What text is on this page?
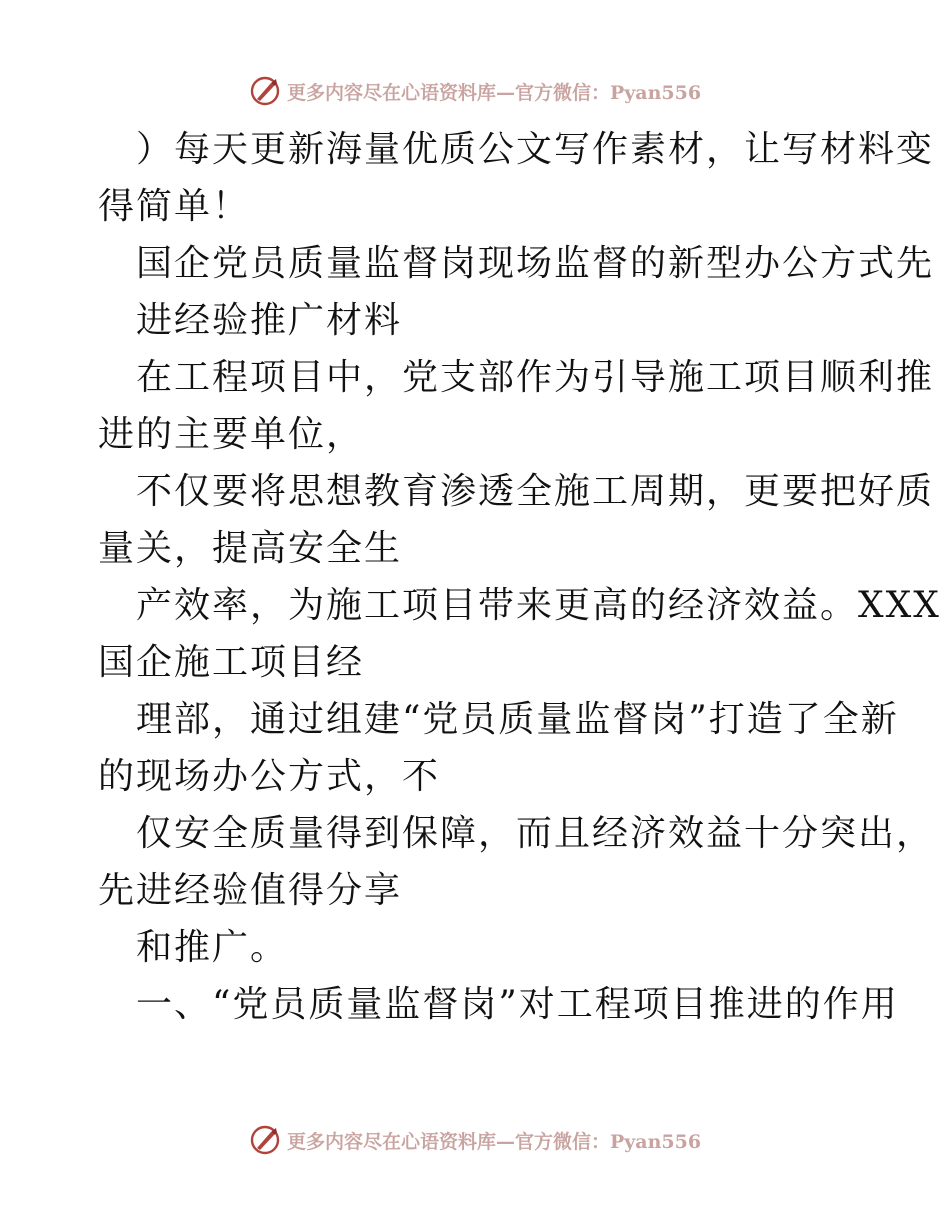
更多内容尽在心语资料库—官方微信：Pyan556
）每天更新海量优质公文写作素材，让写材料变
得简单！
国企党员质量监督岗现场监督的新型办公方式先
进经验推广材料
在工程项目中，党支部作为引导施工项目顺利推
进的主要单位，
不仅要将思想教育渗透全施工周期，更要把好质
量关，提高安全生
产效率，为施工项目带来更高的经济效益。XXX
国企施工项目经
理部，通过组建“党员质量监督岗”打造了全新
的现场办公方式，不
仅安全质量得到保障，而且经济效益十分突出，
先进经验值得分享
和推广。
一、“党员质量监督岗”对工程项目推进的作用
更多内容尽在心语资料库—官方微信：Pyan556
